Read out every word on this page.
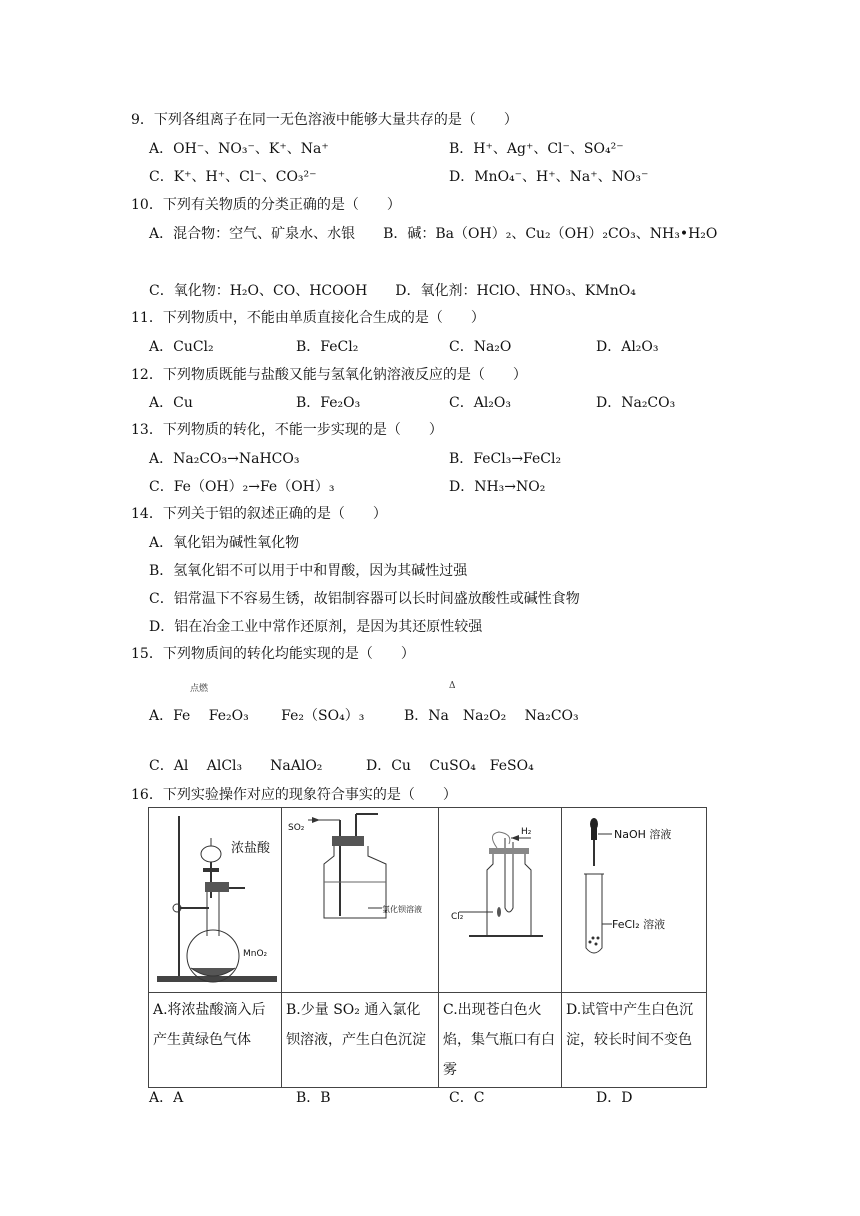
9．下列各组离子在同一无色溶液中能够大量共存的是（　　）
A．OH⁻、NO₃⁻、K⁺、Na⁺	B．H⁺、Ag⁺、Cl⁻、SO₄²⁻
C．K⁺、H⁺、Cl⁻、CO₃²⁻	D．MnO₄⁻、H⁺、Na⁺、NO₃⁻
10．下列有关物质的分类正确的是（　　）
A．混合物：空气、矿泉水、水银　　B．碱：Ba（OH）₂、Cu₂（OH）₂CO₃、NH₃•H₂O
C．氧化物：H₂O、CO、HCOOH　　D．氧化剂：HClO、HNO₃、KMnO₄
11．下列物质中，不能由单质直接化合生成的是（　　）
A．CuCl₂	B．FeCl₂	C．Na₂O	D．Al₂O₃
12．下列物质既能与盐酸又能与氢氧化钠溶液反应的是（　　）
A．Cu	B．Fe₂O₃	C．Al₂O₃	D．Na₂CO₃
13．下列物质的转化，不能一步实现的是（　　）
A．Na₂CO₃→NaHCO₃	B．FeCl₃→FeCl₂
C．Fe（OH）₂→Fe（OH）₃	D．NH₃→NO₂
14．下列关于铝的叙述正确的是（　　）
A．氧化铝为碱性氧化物
B．氢氧化铝不可以用于中和胃酸，因为其碱性过强
C．铝常温下不容易生锈，故铝制容器可以长时间盛放酸性或碱性食物
D．铝在冶金工业中常作还原剂，是因为其还原性较强
15．下列物质间的转化均能实现的是（　　）
点燃	Δ
A．Fe　 Fe₂O₃　 　Fe₂（SO₄）₃	B．Na　Na₂O₂　 Na₂CO₃
C．Al　 AlCl₃　　NaAlO₂	D．Cu　 CuSO₄　FeSO₄
16．下列实验操作对应的现象符合事实的是（　　）
浓盐酸
MnO₂	SO₂
氯化钡溶液	H₂
Cl₂	NaOH 溶液
FeCl₂ 溶液

A.将浓盐酸滴入后产生黄绿色气体	B.少量 SO₂ 通入氯化钡溶液，产生白色沉淀	C.出现苍白色火焰，集气瓶口有白雾	D.试管中产生白色沉淀，较长时间不变色
A．A	B．B	C．C	D．D
